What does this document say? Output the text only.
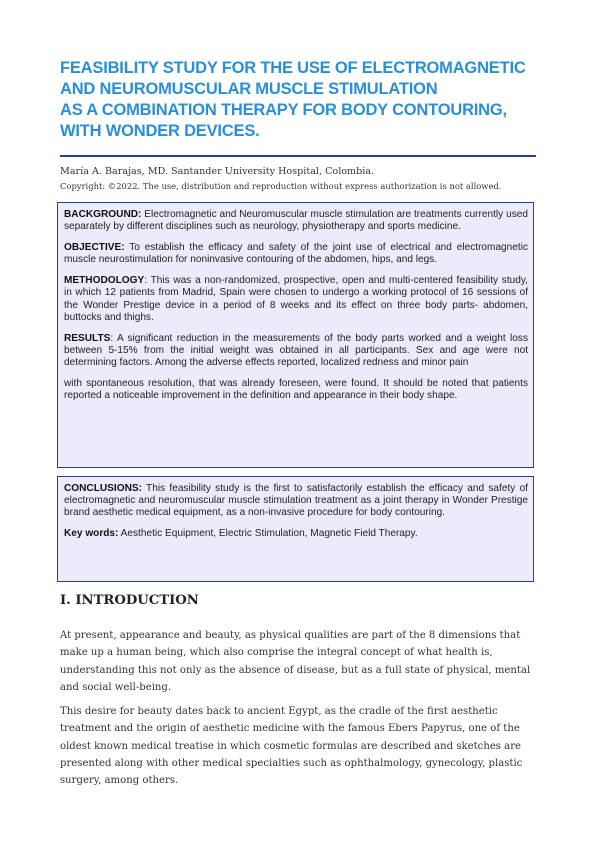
FEASIBILITY STUDY FOR THE USE OF ELECTROMAGNETIC
AND NEUROMUSCULAR MUSCLE STIMULATION
AS A COMBINATION THERAPY FOR BODY CONTOURING,
WITH WONDER DEVICES.
María A. Barajas, MD. Santander University Hospital, Colombia.
Copyright: ©2022. The use, distribution and reproduction without express authorization is not allowed.

BACKGROUND: Electromagnetic and Neuromuscular muscle stimulation are treatments currently used separately by different disciplines such as neurology, physiotherapy and sports medicine.

OBJECTIVE: To establish the efficacy and safety of the joint use of electrical and electromagnetic muscle neurostimulation for noninvasive contouring of the abdomen, hips, and legs.

METHODOLOGY: This was a non-randomized, prospective, open and multi-centered feasibility study, in which 12 patients from Madrid, Spain were chosen to undergo a working protocol of 16 sessions of the Wonder Prestige device in a period of 8 weeks and its effect on three body parts- abdomen, buttocks and thighs.

RESULTS: A significant reduction in the measurements of the body parts worked and a weight loss between 5-15% from the initial weight was obtained in all participants. Sex and age were not determining factors. Among the adverse effects reported, localized redness and minor pain

with spontaneous resolution, that was already foreseen, were found. It should be noted that patients reported a noticeable improvement in the definition and appearance in their body shape.

CONCLUSIONS: This feasibility study is the first to satisfactorily establish the efficacy and safety of electromagnetic and neuromuscular muscle stimulation treatment as a joint therapy in Wonder Prestige brand aesthetic medical equipment, as a non-invasive procedure for body contouring.

Key words: Aesthetic Equipment, Electric Stimulation, Magnetic Field Therapy.

I. INTRODUCTION
At present, appearance and beauty, as physical qualities are part of the 8 dimensions that make up a human being, which also comprise the integral concept of what health is, understanding this not only as the absence of disease, but as a full state of physical, mental and social well-being.
This desire for beauty dates back to ancient Egypt, as the cradle of the first aesthetic treatment and the origin of aesthetic medicine with the famous Ebers Papyrus, one of the oldest known medical treatise in which cosmetic formulas are described and sketches are presented along with other medical specialties such as ophthalmology, gynecology, plastic surgery, among others.
